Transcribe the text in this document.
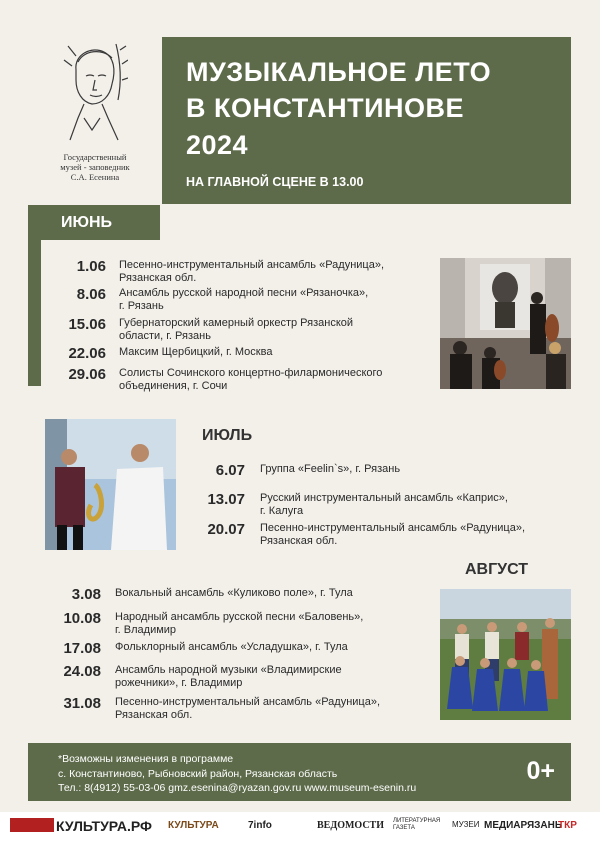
Государственный
музей - заповедник
С.А. Есенина
МУЗЫКАЛЬНОЕ ЛЕТО
В КОНСТАНТИНОВЕ
2024
НА ГЛАВНОЙ СЦЕНЕ В 13.00
ИЮНЬ
1.06 Песенно-инструментальный ансамбль «Радуница»,
Рязанская обл.
8.06 Ансамбль русской народной песни «Рязаночка»,
г. Рязань
15.06 Губернаторский камерный оркестр Рязанской
области, г. Рязань
22.06 Максим Щербицкий, г. Москва
29.06 Солисты Сочинского концертно-филармонического
объединения, г. Сочи
ИЮЛЬ
6.07 Группа «Feelin`s», г. Рязань
13.07 Русский инструментальный ансамбль «Каприс»,
г. Калуга
20.07 Песенно-инструментальный ансамбль «Радуница»,
Рязанская обл.
АВГУСТ
3.08 Вокальный ансамбль «Куликово поле», г. Тула
10.08 Народный ансамбль русской песни «Баловень»,
г. Владимир
17.08 Фольклорный ансамбль «Усладушка», г. Тула
24.08 Ансамбль народной музыки «Владимирские
рожечники», г. Владимир
31.08 Песенно-инструментальный ансамбль «Радуница»,
Рязанская обл.
*Возможны изменения в программе
с. Константиново, Рыбновский район, Рязанская область
Тел.: 8(4912) 55-03-06 gmz.esenina@ryazan.gov.ru www.museum-esenin.ru
0+
КУЛЬТУРА.РФ КУЛЬТУРА	7info	ВЕДОМОСТИ ЛИТЕРАТУРНАЯ ГАЗЕТА	МУЗЕИ МЕДИАРЯЗАНЬ
ТКР
